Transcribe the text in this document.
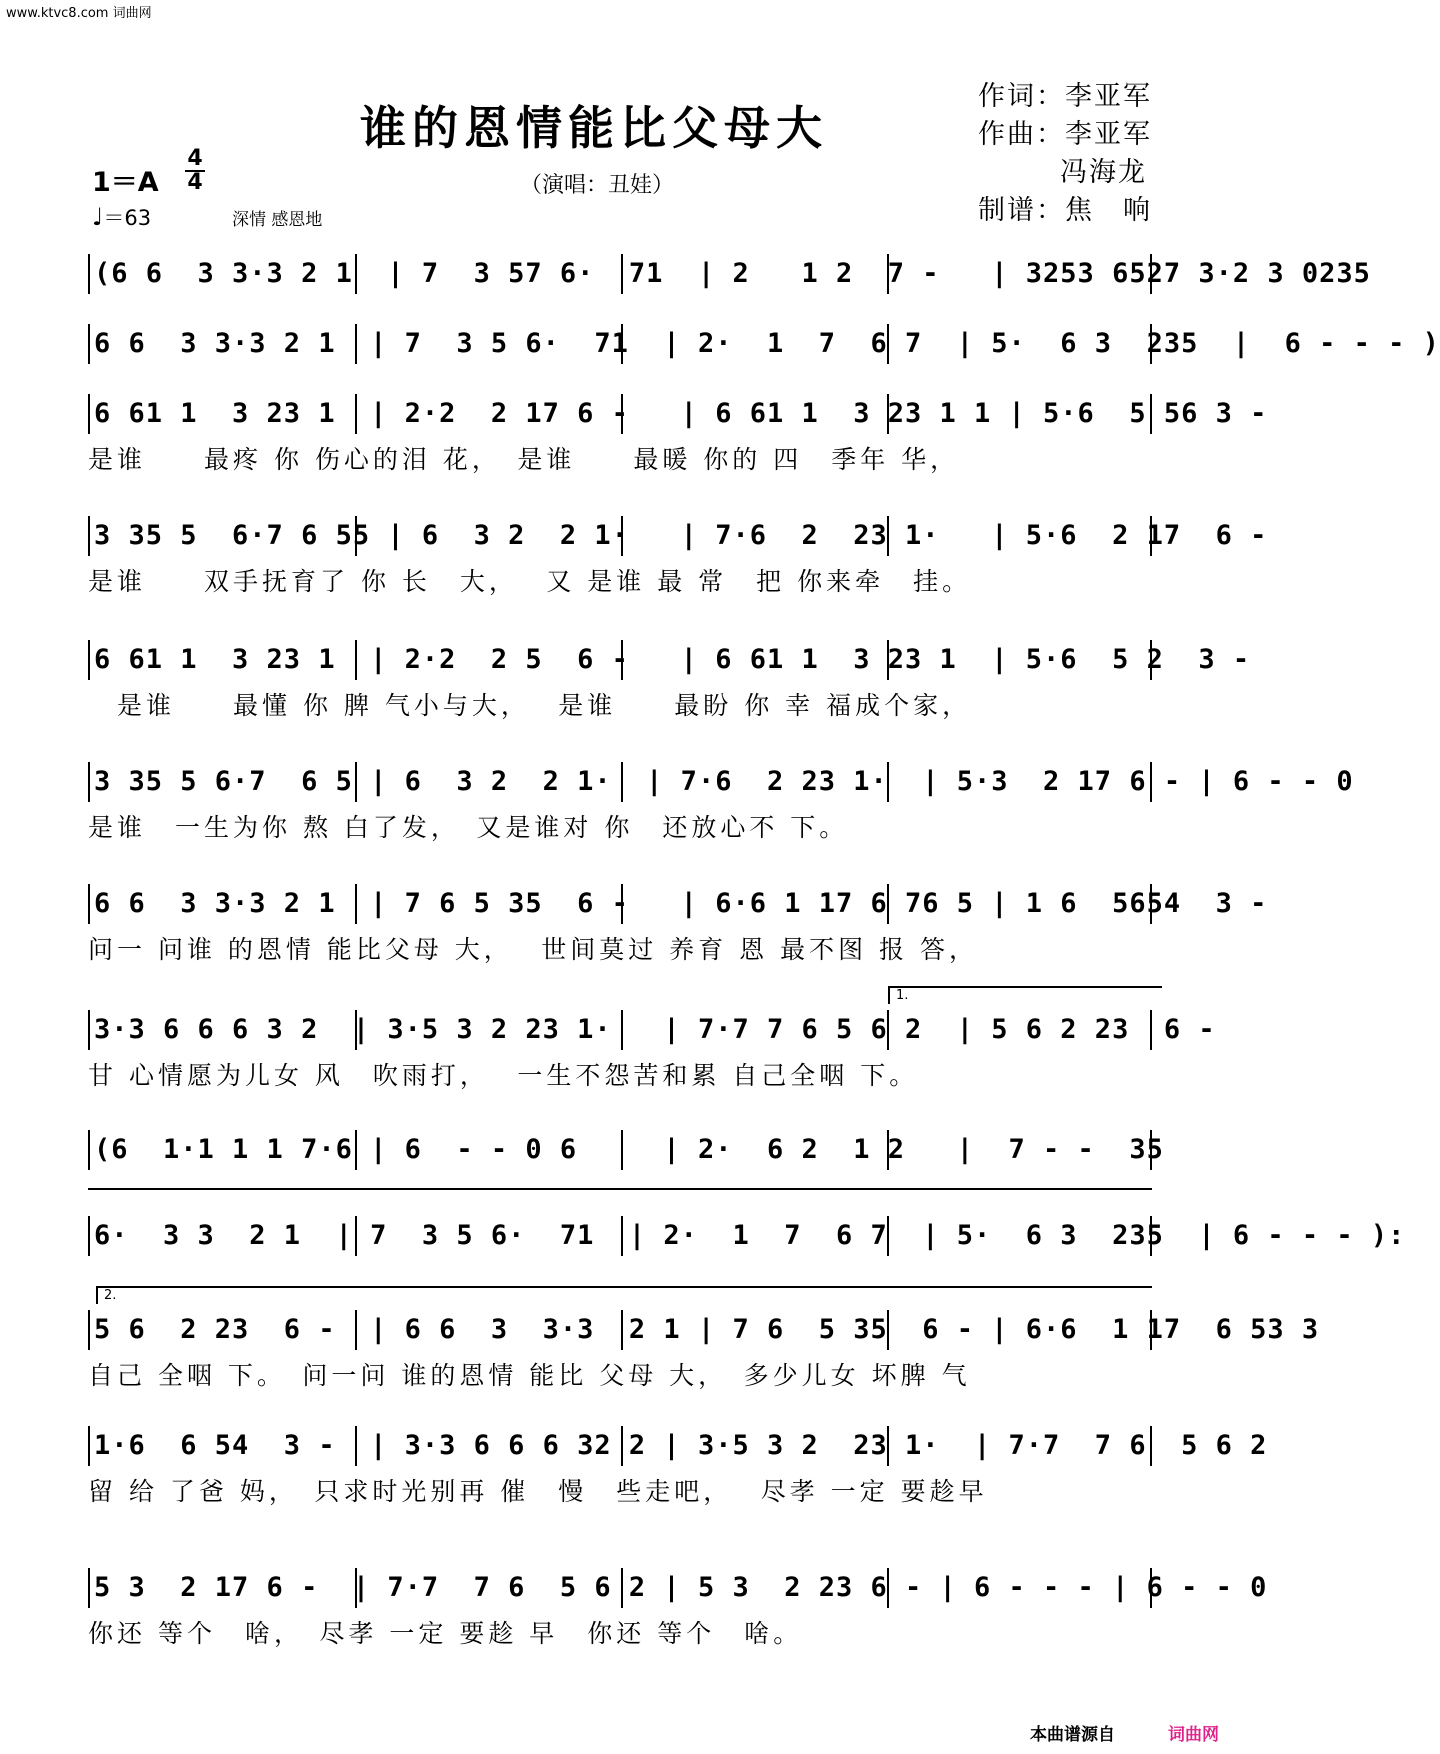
www.ktvc8.com 词曲网
谁的恩情能比父母大
（演唱：丑娃）
作词：李亚军
作曲：李亚军
冯海龙
制谱：焦　响
1＝A
4
4
♩＝63	深情 感恩地
(6 6  3 3·3 2 1  | 7  3 57 6·  71  | 2   1 2  7 -   | 3253 6527 3·2 3 0235
6 6  3 3·3 2 1  | 7  3 5 6·  71  | 2·  1  7  6 7  | 5·  6 3  235  |  6 - - - )
6 61 1  3 23 1  | 2·2  2 17 6 -   | 6 61 1  3 23 1 1 | 5·6  5 56 3 -
是谁　　最疼 你 伤心的泪 花，　是谁　　最暖 你的 四　季年 华，
3 35 5  6·7 6 55 | 6  3 2  2 1·   | 7·6  2  23 1·   | 5·6  2 17  6 -
是谁　　双手抚育了 你 长　大，　 又 是谁 最 常　把 你来牵　挂。
6 61 1  3 23 1  | 2·2  2 5  6 -   | 6 61 1  3 23 1  | 5·6  5 2  3 -
　是谁　　最懂 你 脾 气小与大，　 是谁　　最盼 你 幸 福成个家，
3 35 5 6·7  6 5 | 6  3 2  2 1·  | 7·6  2 23 1·  | 5·3  2 17 6 - | 6 - - 0
是谁　一生为你 熬 白了发，　又是谁对 你　还放心不 下。
6 6  3 3·3 2 1  | 7 6 5 35  6 -   | 6·6 1 17 6 76 5 | 1 6  5654  3 -
问一 问谁 的恩情 能比父母 大，　 世间莫过 养育 恩 最不图 报 答，
1.
3·3 6 6 6 3 2  | 3·5 3 2 23 1·   | 7·7 7 6 5 6 2  | 5 6 2 23  6 -
甘 心情愿为儿女 风　吹雨打，　 一生不怨苦和累 自己全咽 下。
(6  1·1 1 1 7·6 | 6  - - 0 6     | 2·  6 2  1 2   |  7 - -  35
6·  3 3  2 1  | 7  3 5 6·  71  | 2·  1  7  6 7  | 5·  6 3  235  | 6 - - - ):
2.
5 6  2 23  6 -  | 6 6  3  3·3  2 1 | 7 6  5 35  6 - | 6·6  1 17  6 53 3
自己 全咽 下。　问一问 谁的恩情 能比 父母 大，　多少儿女 坏脾 气
1·6  6 54  3 -  | 3·3 6 6 6 32 2 | 3·5 3 2  23 1·  | 7·7  7 6  5 6 2
留 给 了爸 妈，　只求时光别再 催　慢　些走吧，　 尽孝 一定 要趁早
5 3  2 17 6 -  | 7·7  7 6  5 6 2 | 5 3  2 23 6 - | 6 - - - | 6 - - 0
你还 等个　啥，　尽孝 一定 要趁 早　你还 等个　啥。
本曲谱源自	词曲网
